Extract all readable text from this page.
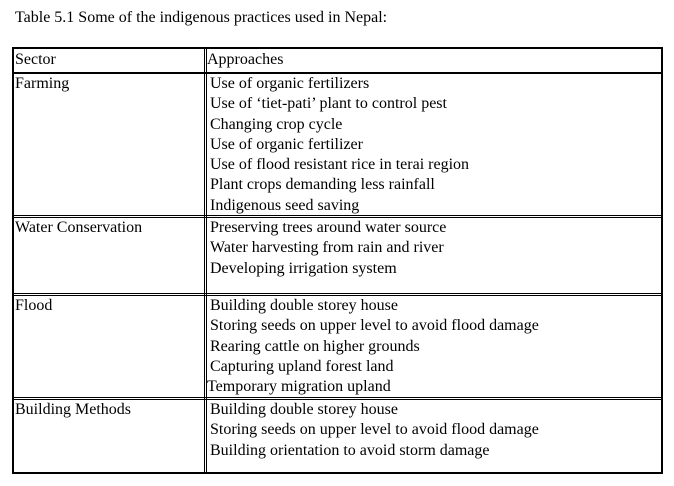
Table 5.1 Some of the indigenous practices used in Nepal:
Sector	Approaches
Farming	Use of organic fertilizers
Use of ‘tiet-pati’ plant to control pest
Changing crop cycle
Use of organic fertilizer
Use of flood resistant rice in terai region
Plant crops demanding less rainfall
Indigenous seed saving
Water Conservation	Preserving trees around water source
Water harvesting from rain and river
Developing irrigation system
Flood	Building double storey house
Storing seeds on upper level to avoid flood damage
Rearing cattle on higher grounds
Capturing upland forest land
Temporary migration upland
Building Methods	Building double storey house
Storing seeds on upper level to avoid flood damage
Building orientation to avoid storm damage
